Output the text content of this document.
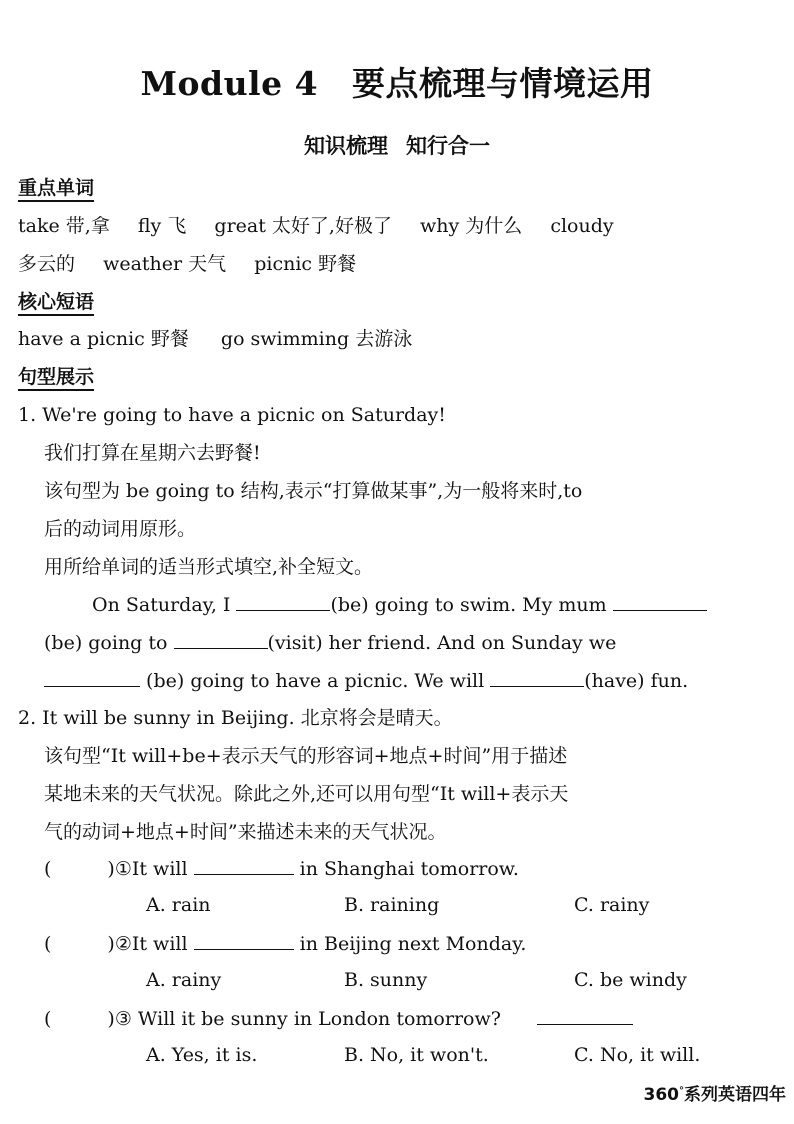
Module 4 要点梳理与情境运用
知识梳理 知行合一
重点单词
take 带,拿 fly 飞 great 太好了,好极了 why 为什么 cloudy
多云的 weather 天气 picnic 野餐
核心短语
have a picnic 野餐 go swimming 去游泳
句型展示
1. We're going to have a picnic on Saturday!
我们打算在星期六去野餐!
该句型为 be going to 结构,表示“打算做某事”,为一般将来时,to
后的动词用原形。
用所给单词的适当形式填空,补全短文。
On Saturday, I	(be) going to swim. My mum
(be) going to	(visit) her friend. And on Sunday we
(be) going to have a picnic. We will	(have) fun.
2. It will be sunny in Beijing. 北京将会是晴天。
该句型“It will+be+表示天气的形容词+地点+时间”用于描述
某地未来的天气状况。除此之外,还可以用句型“It will+表示天
气的动词+地点+时间”来描述未来的天气状况。
(	)①It will	in Shanghai tomorrow.
A. rain	B. raining	C. rainy
(	)②It will	in Beijing next Monday.
A. rainy	B. sunny	C. be windy
(	)③ Will it be sunny in London tomorrow?
A. Yes, it is.	B. No, it won't.	C. No, it will.
360°系列英语四年
